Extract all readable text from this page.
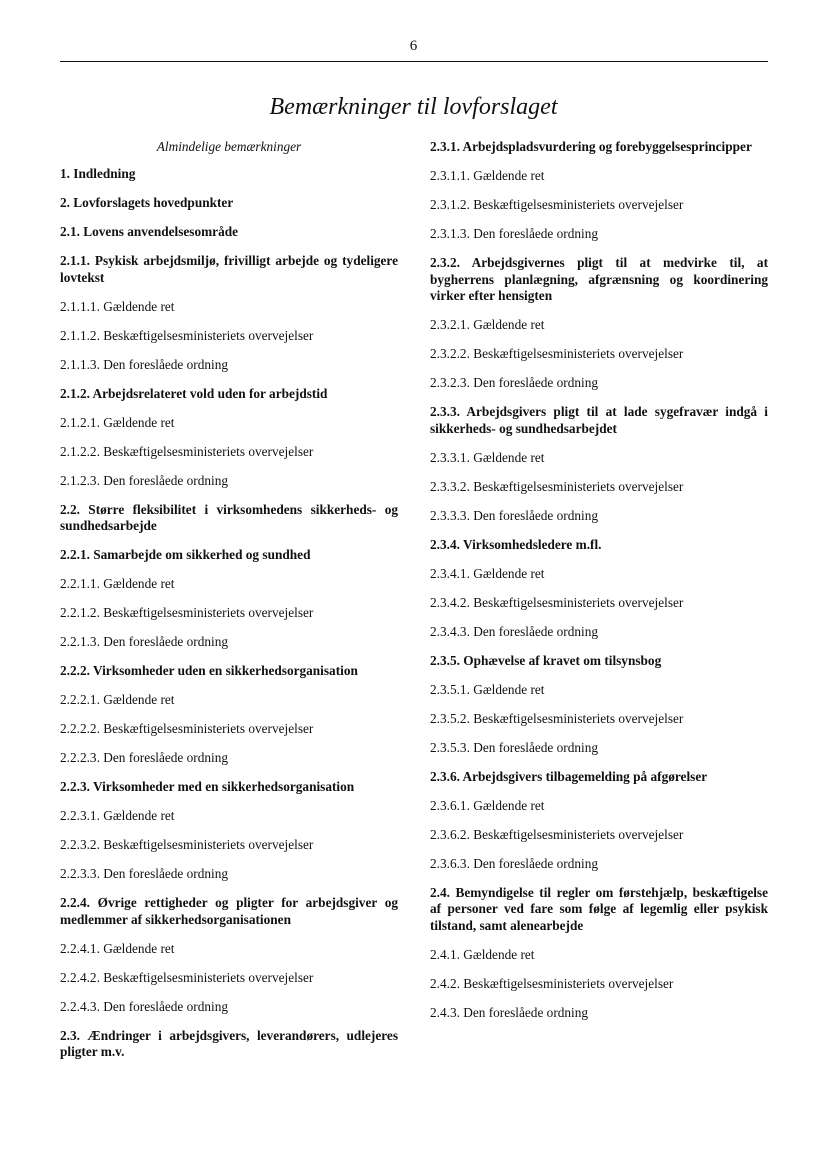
6
Bemærkninger til lovforslaget
Almindelige bemærkninger
1. Indledning
2. Lovforslagets hovedpunkter
2.1. Lovens anvendelsesområde
2.1.1. Psykisk arbejdsmiljø, frivilligt arbejde og tydeligere lovtekst
2.1.1.1. Gældende ret
2.1.1.2. Beskæftigelsesministeriets overvejelser
2.1.1.3. Den foreslåede ordning
2.1.2. Arbejdsrelateret vold uden for arbejdstid
2.1.2.1. Gældende ret
2.1.2.2. Beskæftigelsesministeriets overvejelser
2.1.2.3. Den foreslåede ordning
2.2. Større fleksibilitet i virksomhedens sikkerheds- og sundhedsarbejde
2.2.1. Samarbejde om sikkerhed og sundhed
2.2.1.1. Gældende ret
2.2.1.2. Beskæftigelsesministeriets overvejelser
2.2.1.3. Den foreslåede ordning
2.2.2. Virksomheder uden en sikkerhedsorganisation
2.2.2.1. Gældende ret
2.2.2.2. Beskæftigelsesministeriets overvejelser
2.2.2.3. Den foreslåede ordning
2.2.3. Virksomheder med en sikkerhedsorganisation
2.2.3.1. Gældende ret
2.2.3.2. Beskæftigelsesministeriets overvejelser
2.2.3.3. Den foreslåede ordning
2.2.4. Øvrige rettigheder og pligter for arbejdsgiver og medlemmer af sikkerhedsorganisationen
2.2.4.1. Gældende ret
2.2.4.2. Beskæftigelsesministeriets overvejelser
2.2.4.3. Den foreslåede ordning
2.3. Ændringer i arbejdsgivers, leverandørers, udlejeres pligter m.v.
2.3.1. Arbejdspladsvurdering og forebyggelsesprincipper
2.3.1.1. Gældende ret
2.3.1.2. Beskæftigelsesministeriets overvejelser
2.3.1.3. Den foreslåede ordning
2.3.2. Arbejdsgivernes pligt til at medvirke til, at bygherrens planlægning, afgrænsning og koordinering virker efter hensigten
2.3.2.1. Gældende ret
2.3.2.2. Beskæftigelsesministeriets overvejelser
2.3.2.3. Den foreslåede ordning
2.3.3. Arbejdsgivers pligt til at lade sygefravær indgå i sikkerheds- og sundhedsarbejdet
2.3.3.1. Gældende ret
2.3.3.2. Beskæftigelsesministeriets overvejelser
2.3.3.3. Den foreslåede ordning
2.3.4. Virksomhedsledere m.fl.
2.3.4.1. Gældende ret
2.3.4.2. Beskæftigelsesministeriets overvejelser
2.3.4.3. Den foreslåede ordning
2.3.5. Ophævelse af kravet om tilsynsbog
2.3.5.1. Gældende ret
2.3.5.2. Beskæftigelsesministeriets overvejelser
2.3.5.3. Den foreslåede ordning
2.3.6. Arbejdsgivers tilbagemelding på afgørelser
2.3.6.1. Gældende ret
2.3.6.2. Beskæftigelsesministeriets overvejelser
2.3.6.3. Den foreslåede ordning
2.4. Bemyndigelse til regler om førstehjælp, beskæftigelse af personer ved fare som følge af legemlig eller psykisk tilstand, samt alenearbejde
2.4.1. Gældende ret
2.4.2. Beskæftigelsesministeriets overvejelser
2.4.3. Den foreslåede ordning
